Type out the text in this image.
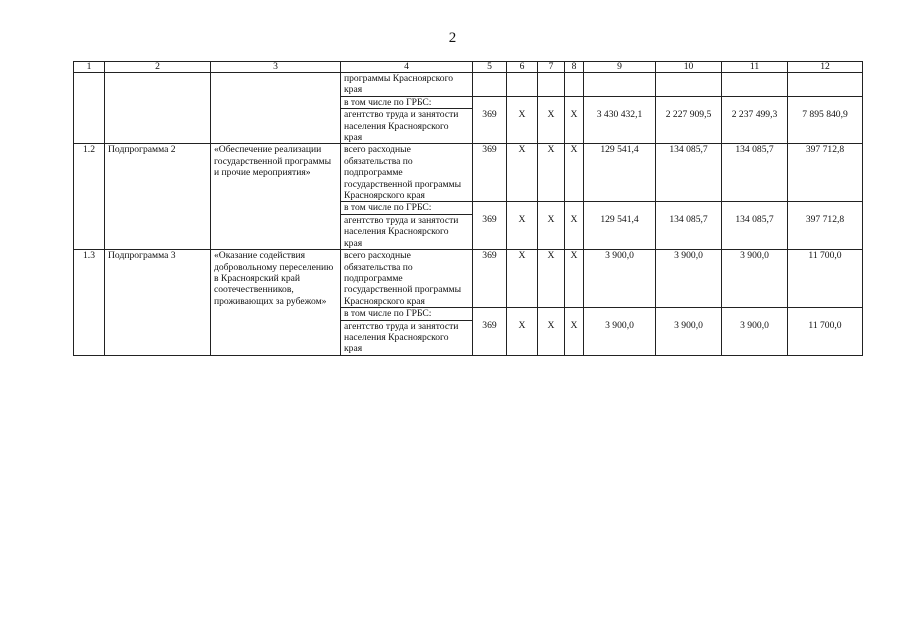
2
1	2	3	4	5	6	7	8	9	10	11	12
			программы Красноярского края								
			в том числе по ГРБС:								
			агентство труда и занятости населения Красноярского края	369	X	X	X	3 430 432,1	2 227 909,5	2 237 499,3	7 895 840,9
1.2	Подпрограмма 2	«Обеспечение реализации государственной программы и прочие мероприятия»	всего расходные обязательства по подпрограмме государственной программы Красноярского края	369	X	X	X	129 541,4	134 085,7	134 085,7	397 712,8
			в том числе по ГРБС:								
			агентство труда и занятости населения Красноярского края	369	X	X	X	129 541,4	134 085,7	134 085,7	397 712,8
1.3	Подпрограмма 3	«Оказание содействия добровольному переселению в Красноярский край соотечественников, проживающих за рубежом»	всего расходные обязательства по подпрограмме государственной программы Красноярского края	369	X	X	X	3 900,0	3 900,0	3 900,0	11 700,0
			в том числе по ГРБС:								
			агентство труда и занятости населения Красноярского края	369	X	X	X	3 900,0	3 900,0	3 900,0	11 700,0
